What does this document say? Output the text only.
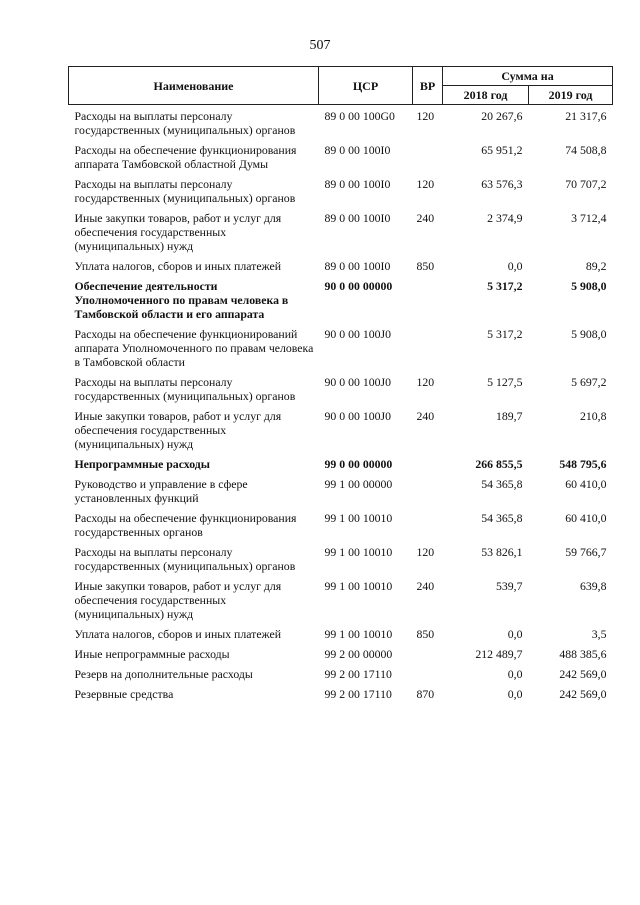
507
Наименование	ЦСР	ВР	Сумма на	
			2018 год	2019 год
Расходы на выплаты персоналу государственных (муниципальных) органов	89 0 00 100G0	120	20 267,6	21 317,6
Расходы на обеспечение функционирования аппарата Тамбовской областной Думы	89 0 00 100I0		65 951,2	74 508,8
Расходы на выплаты персоналу государственных (муниципальных) органов	89 0 00 100I0	120	63 576,3	70 707,2
Иные закупки товаров, работ и услуг для обеспечения государственных (муниципальных) нужд	89 0 00 100I0	240	2 374,9	3 712,4
Уплата налогов, сборов и иных платежей	89 0 00 100I0	850	0,0	89,2
Обеспечение деятельности Уполномоченного по правам человека в Тамбовской области и его аппарата	90 0 00 00000		5 317,2	5 908,0
Расходы на обеспечение функционирований аппарата Уполномоченного по правам человека в Тамбовской области	90 0 00 100J0		5 317,2	5 908,0
Расходы на выплаты персоналу государственных (муниципальных) органов	90 0 00 100J0	120	5 127,5	5 697,2
Иные закупки товаров, работ и услуг для обеспечения государственных (муниципальных) нужд	90 0 00 100J0	240	189,7	210,8
Непрограммные расходы	99 0 00 00000		266 855,5	548 795,6
Руководство и управление в сфере установленных функций	99 1 00 00000		54 365,8	60 410,0
Расходы на обеспечение функционирования государственных органов	99 1 00 10010		54 365,8	60 410,0
Расходы на выплаты персоналу государственных (муниципальных) органов	99 1 00 10010	120	53 826,1	59 766,7
Иные закупки товаров, работ и услуг для обеспечения государственных (муниципальных) нужд	99 1 00 10010	240	539,7	639,8
Уплата налогов, сборов и иных платежей	99 1 00 10010	850	0,0	3,5
Иные непрограммные расходы	99 2 00 00000		212 489,7	488 385,6
Резерв на дополнительные расходы	99 2 00 17110		0,0	242 569,0
Резервные средства	99 2 00 17110	870	0,0	242 569,0
